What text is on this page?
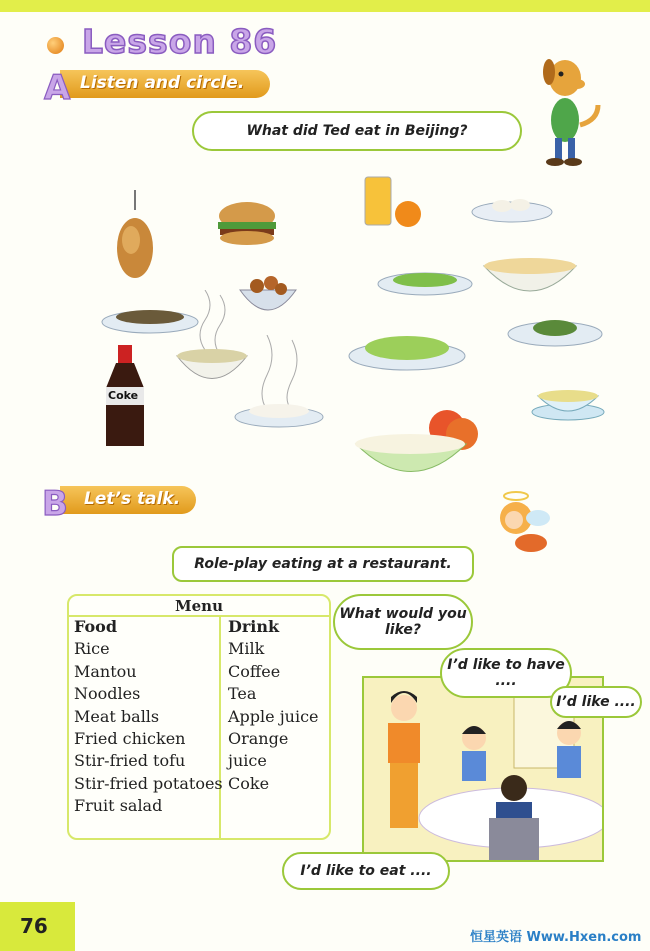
Lesson 86
A Listen and circle.
What did Ted eat in Beijing?
Coke
B Let’s talk.
Role-play eating at a restaurant.
Menu
Food
Rice
Mantou
Noodles
Meat balls
Fried chicken
Stir-fried tofu
Stir-fried potatoes
Fruit salad
Drink
Milk
Coffee
Tea
Apple juice
Orange juice
Coke
What would you like?
I’d like to have ....
I’d like ....
I’d like to eat ....
76	恒星英语 Www.Hxen.com
